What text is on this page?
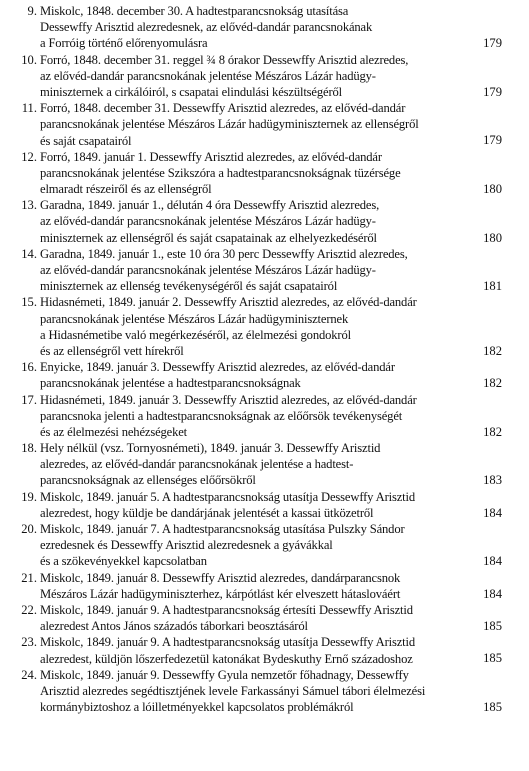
9. Miskolc, 1848. december 30. A hadtestparancsnokság utasítása
Dessewffy Arisztid alezredesnek, az elővéd-dandár parancsnokának
a Forróig történő előrenyomulásra	179
10. Forró, 1848. december 31. reggel ¾ 8 órakor Dessewffy Arisztid alezredes,
az elővéd-dandár parancsnokának jelentése Mészáros Lázár hadügy-
miniszternek a cirkálóiról, s csapatai elindulási készültségéről	179
11. Forró, 1848. december 31. Dessewffy Arisztid alezredes, az elővéd-dandár
parancsnokának jelentése Mészáros Lázár hadügyminiszternek az ellenségről
és saját csapatairól	179
12. Forró, 1849. január 1. Dessewffy Arisztid alezredes, az elővéd-dandár
parancsnokának jelentése Szikszóra a hadtestparancsnokságnak tüzérsége
elmaradt részeiről és az ellenségről	180
13. Garadna, 1849. január 1., délután 4 óra Dessewffy Arisztid alezredes,
az elővéd-dandár parancsnokának jelentése Mészáros Lázár hadügy-
miniszternek az ellenségről és saját csapatainak az elhelyezkedéséről	180
14. Garadna, 1849. január 1., este 10 óra 30 perc Dessewffy Arisztid alezredes,
az elővéd-dandár parancsnokának jelentése Mészáros Lázár hadügy-
miniszternek az ellenség tevékenységéről és saját csapatairól	181
15. Hidasnémeti, 1849. január 2. Dessewffy Arisztid alezredes, az elővéd-dandár
parancsnokának jelentése Mészáros Lázár hadügyminiszternek
a Hidasnémetibe való megérkezéséről, az élelmezési gondokról
és az ellenségről vett hírekről	182
16. Enyicke, 1849. január 3. Dessewffy Arisztid alezredes, az elővéd-dandár
parancsnokának jelentése a hadtestparancsnokságnak	182
17. Hidasnémeti, 1849. január 3. Dessewffy Arisztid alezredes, az elővéd-dandár
parancsnoka jelenti a hadtestparancsnokságnak az előőrsök tevékenységét
és az élelmezési nehézségeket	182
18. Hely nélkül (vsz. Tornyosnémeti), 1849. január 3. Dessewffy Arisztid
alezredes, az elővéd-dandár parancsnokának jelentése a hadtest-
parancsnokságnak az ellenséges előőrsökről	183
19. Miskolc, 1849. január 5. A hadtestparancsnokság utasítja Dessewffy Arisztid
alezredest, hogy küldje be dandárjának jelentését a kassai ütközetről	184
20. Miskolc, 1849. január 7. A hadtestparancsnokság utasítása Pulszky Sándor
ezredesnek és Dessewffy Arisztid alezredesnek a gyávákkal
és a szökevényekkel kapcsolatban	184
21. Miskolc, 1849. január 8. Dessewffy Arisztid alezredes, dandárparancsnok
Mészáros Lázár hadügyminiszterhez, kárpótlást kér elveszett hátaslováért	184
22. Miskolc, 1849. január 9. A hadtestparancsnokság értesíti Dessewffy Arisztid
alezredest Antos János századós táborkari beosztásáról	185
23. Miskolc, 1849. január 9. A hadtestparancsnokság utasítja Dessewffy Arisztid
alezredest, küldjön lőszerfedezetül katonákat Bydeskuthy Ernő századoshoz	185
24. Miskolc, 1849. január 9. Dessewffy Gyula nemzetőr főhadnagy, Dessewffy
Arisztid alezredes segédtisztjének levele Farkassányi Sámuel tábori élelmezési
kormánybiztoshoz a lóilletményekkel kapcsolatos problémákról	185
